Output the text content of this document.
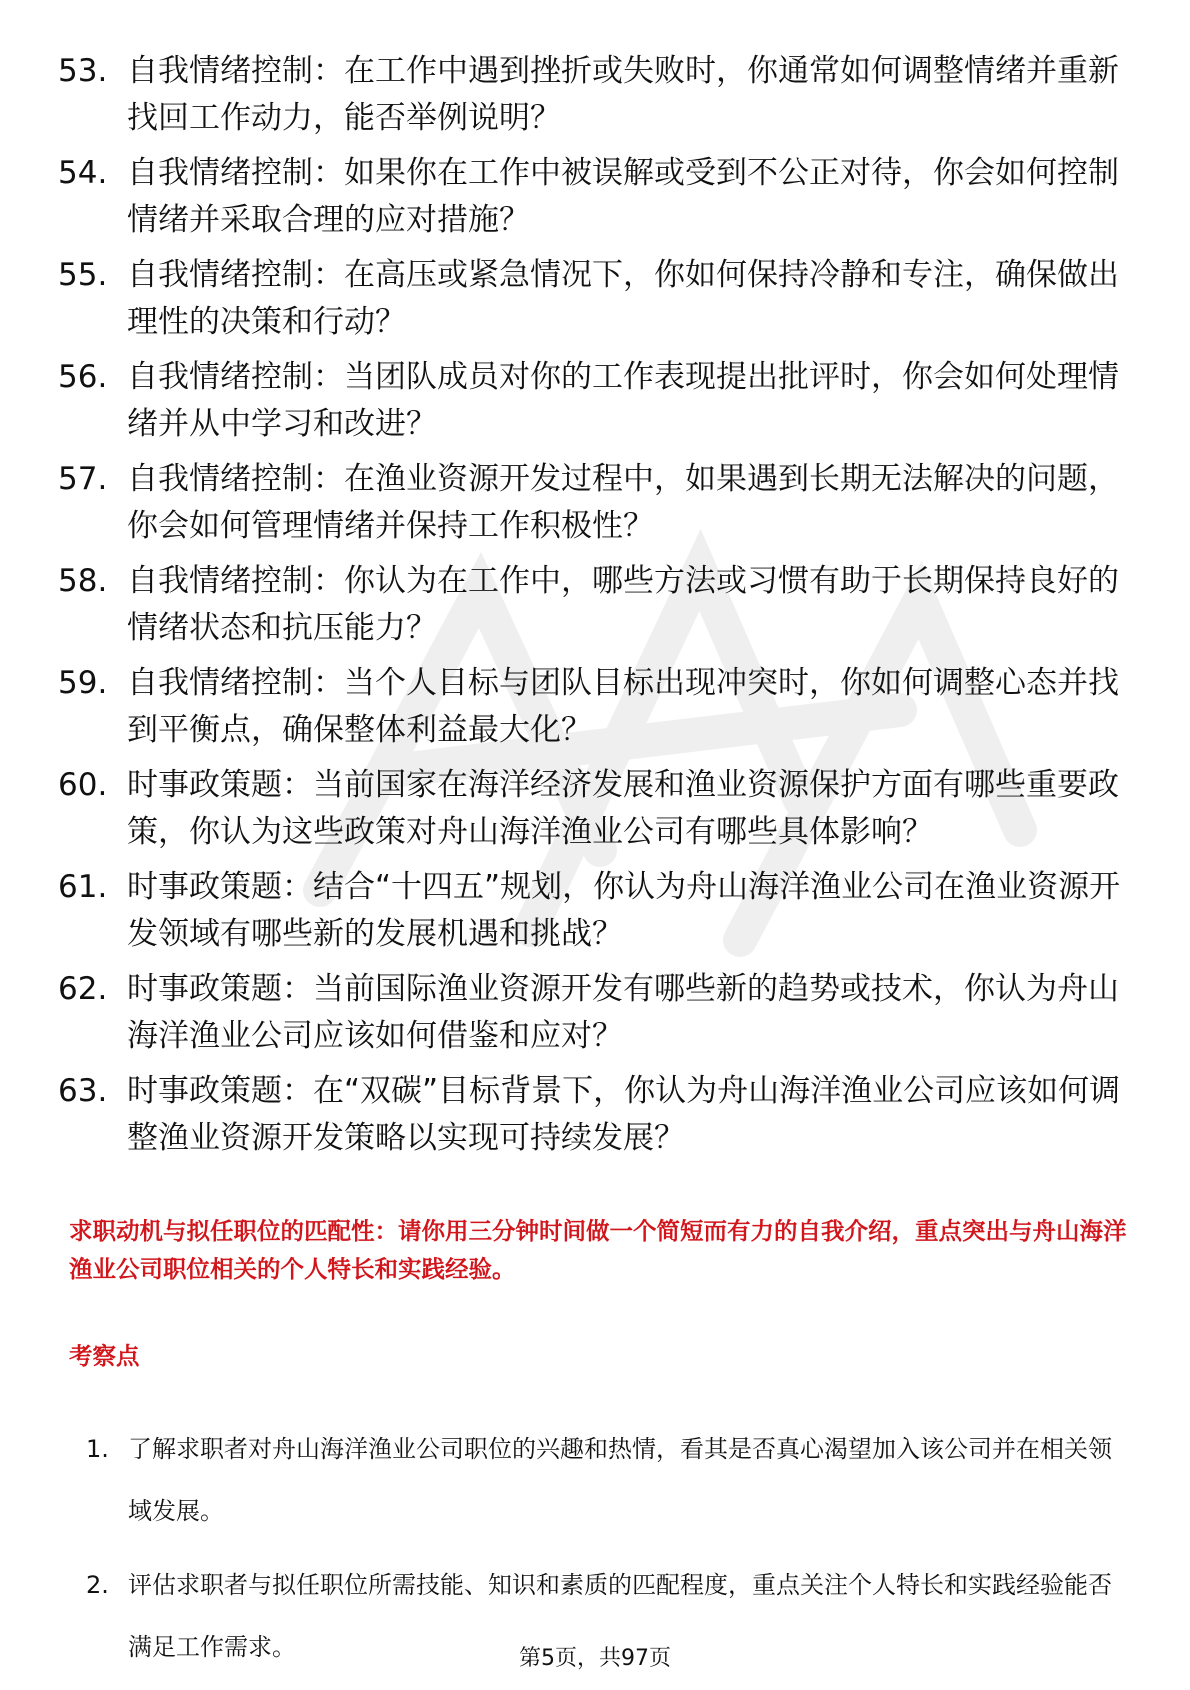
53. 自我情绪控制：在工作中遇到挫折或失败时，你通常如何调整情绪并重新找回工作动力，能否举例说明？
54. 自我情绪控制：如果你在工作中被误解或受到不公正对待，你会如何控制情绪并采取合理的应对措施？
55. 自我情绪控制：在高压或紧急情况下，你如何保持冷静和专注，确保做出理性的决策和行动？
56. 自我情绪控制：当团队成员对你的工作表现提出批评时，你会如何处理情绪并从中学习和改进？
57. 自我情绪控制：在渔业资源开发过程中，如果遇到长期无法解决的问题，你会如何管理情绪并保持工作积极性？
58. 自我情绪控制：你认为在工作中，哪些方法或习惯有助于长期保持良好的情绪状态和抗压能力？
59. 自我情绪控制：当个人目标与团队目标出现冲突时，你如何调整心态并找到平衡点，确保整体利益最大化？
60. 时事政策题：当前国家在海洋经济发展和渔业资源保护方面有哪些重要政策，你认为这些政策对舟山海洋渔业公司有哪些具体影响？
61. 时事政策题：结合“十四五”规划，你认为舟山海洋渔业公司在渔业资源开发领域有哪些新的发展机遇和挑战？
62. 时事政策题：当前国际渔业资源开发有哪些新的趋势或技术，你认为舟山海洋渔业公司应该如何借鉴和应对？
63. 时事政策题：在“双碳”目标背景下，你认为舟山海洋渔业公司应该如何调整渔业资源开发策略以实现可持续发展？

求职动机与拟任职位的匹配性：请你用三分钟时间做一个简短而有力的自我介绍，重点突出与舟山海洋渔业公司职位相关的个人特长和实践经验。

考察点

1. 了解求职者对舟山海洋渔业公司职位的兴趣和热情，看其是否真心渴望加入该公司并在相关领域发展。
2. 评估求职者与拟任职位所需技能、知识和素质的匹配程度，重点关注个人特长和实践经验能否满足工作需求。	第5页，共97页
